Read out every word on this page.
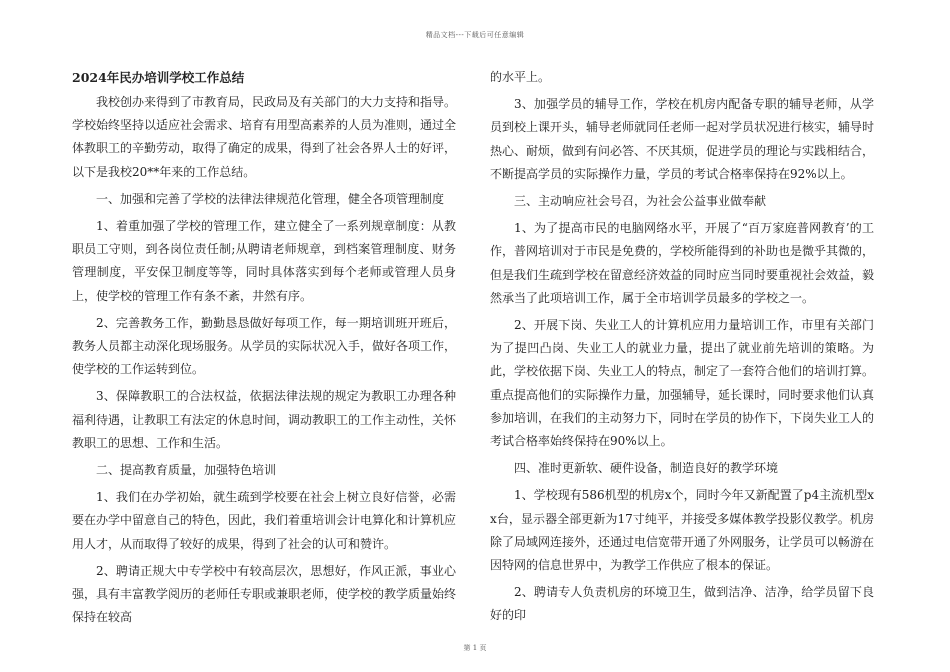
精品文档---下载后可任意编辑
2024年民办培训学校工作总结

我校创办来得到了市教育局，民政局及有关部门的大力支持和指导。学校始终坚持以适应社会需求、培育有用型高素养的人员为准则，通过全体教职工的辛勤劳动，取得了确定的成果，得到了社会各界人士的好评，以下是我校20**年来的工作总结。

一、加强和完善了学校的法律法律规范化管理，健全各项管理制度

1、着重加强了学校的管理工作，建立健全了一系列规章制度：从教职员工守则，到各岗位责任制;从聘请老师规章，到档案管理制度、财务管理制度，平安保卫制度等等，同时具体落实到每个老师或管理人员身上，使学校的管理工作有条不紊，井然有序。

2、完善教务工作，勤勤恳恳做好每项工作，每一期培训班开班后，教务人员都主动深化现场服务。从学员的实际状况入手，做好各项工作，使学校的工作运转到位。

3、保障教职工的合法权益，依据法律法规的规定为教职工办理各种福利待遇，让教职工有法定的休息时间，调动教职工的工作主动性，关怀教职工的思想、工作和生活。

二、提高教育质量，加强特色培训

1、我们在办学初始，就生疏到学校要在社会上树立良好信誉，必需要在办学中留意自己的特色，因此，我们着重培训会计电算化和计算机应用人才，从而取得了较好的成果，得到了社会的认可和赞许。

2、聘请正规大中专学校中有较高层次，思想好，作风正派，事业心强，具有丰富教学阅历的老师任专职或兼职老师，使学校的教学质量始终保持在较高

的水平上。

3、加强学员的辅导工作，学校在机房内配备专职的辅导老师，从学员到校上课开头，辅导老师就同任老师一起对学员状况进行核实，辅导时热心、耐烦，做到有问必答、不厌其烦，促进学员的理论与实践相结合，不断提高学员的实际操作力量，学员的考试合格率保持在92%以上。

三、主动响应社会号召，为社会公益事业做奉献

1、为了提高市民的电脑网络水平，开展了“百万家庭普网教育’的工作，普网培训对于市民是免费的，学校所能得到的补助也是微乎其微的，但是我们生疏到学校在留意经济效益的同时应当同时要重视社会效益，毅然承当了此项培训工作，属于全市培训学员最多的学校之一。

2、开展下岗、失业工人的计算机应用力量培训工作，市里有关部门为了提凹凸岗、失业工人的就业力量，提出了就业前先培训的策略。为此，学校依据下岗、失业工人的特点，制定了一套符合他们的培训打算。重点提高他们的实际操作力量，加强辅导，延长课时，同时要求他们认真参加培训，在我们的主动努力下，同时在学员的协作下，下岗失业工人的考试合格率始终保持在90%以上。

四、准时更新软、硬件设备，制造良好的教学环境

1、学校现有586机型的机房x个，同时今年又新配置了p4主流机型xx台，显示器全部更新为17寸纯平，并接受多媒体教学投影仪教学。机房除了局域网连接外，还通过电信宽带开通了外网服务，让学员可以畅游在因特网的信息世界中，为教学工作供应了根本的保证。

2、聘请专人负责机房的环境卫生，做到洁净、洁净，给学员留下良好的印

第 1 页
